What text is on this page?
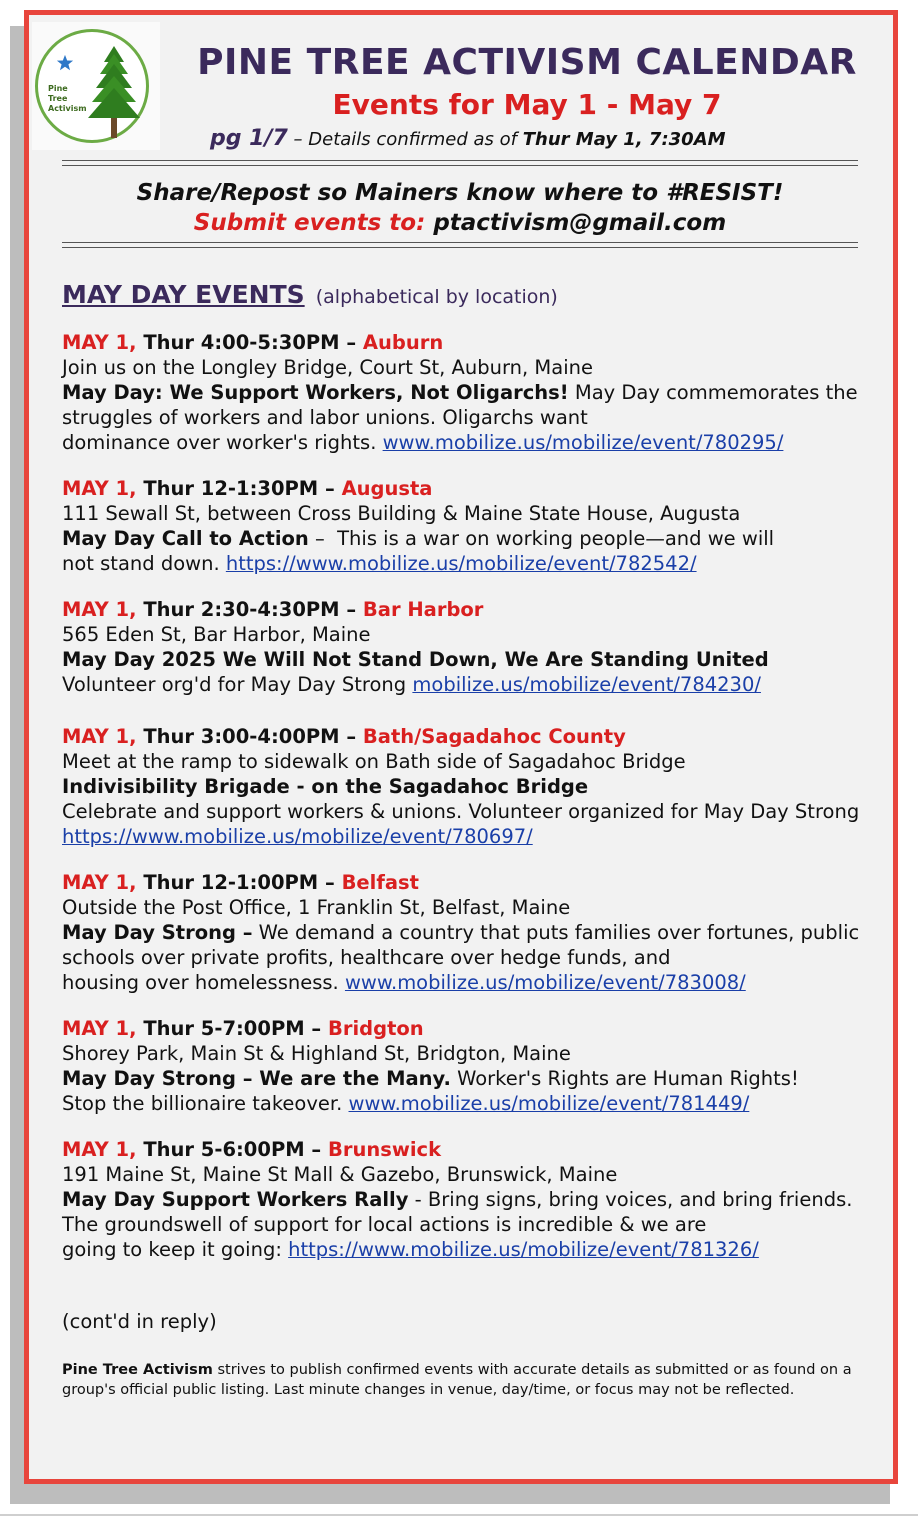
Pine Tree Activism
PINE TREE ACTIVISM CALENDAR
Events for May 1 - May 7
pg 1/7 – Details confirmed as of Thur May 1, 7:30AM
Share/Repost so Mainers know where to #RESIST!
Submit events to: ptactivism@gmail.com
MAY DAY EVENTS (alphabetical by location)
MAY 1, Thur 4:00-5:30PM – Auburn
Join us on the Longley Bridge, Court St, Auburn, Maine
May Day: We Support Workers, Not Oligarchs! May Day commemorates the struggles of workers and labor unions. Oligarchs want dominance over worker's rights. www.mobilize.us/mobilize/event/780295/
MAY 1, Thur 12-1:30PM – Augusta
111 Sewall St, between Cross Building & Maine State House, Augusta
May Day Call to Action –  This is a war on working people—and we will not stand down. https://www.mobilize.us/mobilize/event/782542/
MAY 1, Thur 2:30-4:30PM – Bar Harbor
565 Eden St, Bar Harbor, Maine
May Day 2025 We Will Not Stand Down, We Are Standing United
Volunteer org'd for May Day Strong mobilize.us/mobilize/event/784230/
MAY 1, Thur 3:00-4:00PM – Bath/Sagadahoc County
Meet at the ramp to sidewalk on Bath side of Sagadahoc Bridge
Indivisibility Brigade - on the Sagadahoc Bridge
Celebrate and support workers & unions. Volunteer organized for May Day Strong https://www.mobilize.us/mobilize/event/780697/
MAY 1, Thur 12-1:00PM – Belfast
Outside the Post Office, 1 Franklin St, Belfast, Maine
May Day Strong – We demand a country that puts families over fortunes, public schools over private profits, healthcare over hedge funds, and housing over homelessness. www.mobilize.us/mobilize/event/783008/
MAY 1, Thur 5-7:00PM – Bridgton
Shorey Park, Main St & Highland St, Bridgton, Maine
May Day Strong – We are the Many. Worker's Rights are Human Rights! Stop the billionaire takeover. www.mobilize.us/mobilize/event/781449/
MAY 1, Thur 5-6:00PM – Brunswick
191 Maine St, Maine St Mall & Gazebo, Brunswick, Maine
May Day Support Workers Rally - Bring signs, bring voices, and bring friends. The groundswell of support for local actions is incredible & we are going to keep it going: https://www.mobilize.us/mobilize/event/781326/
(cont'd in reply)
Pine Tree Activism strives to publish confirmed events with accurate details as submitted or as found on a group's official public listing. Last minute changes in venue, day/time, or focus may not be reflected.
